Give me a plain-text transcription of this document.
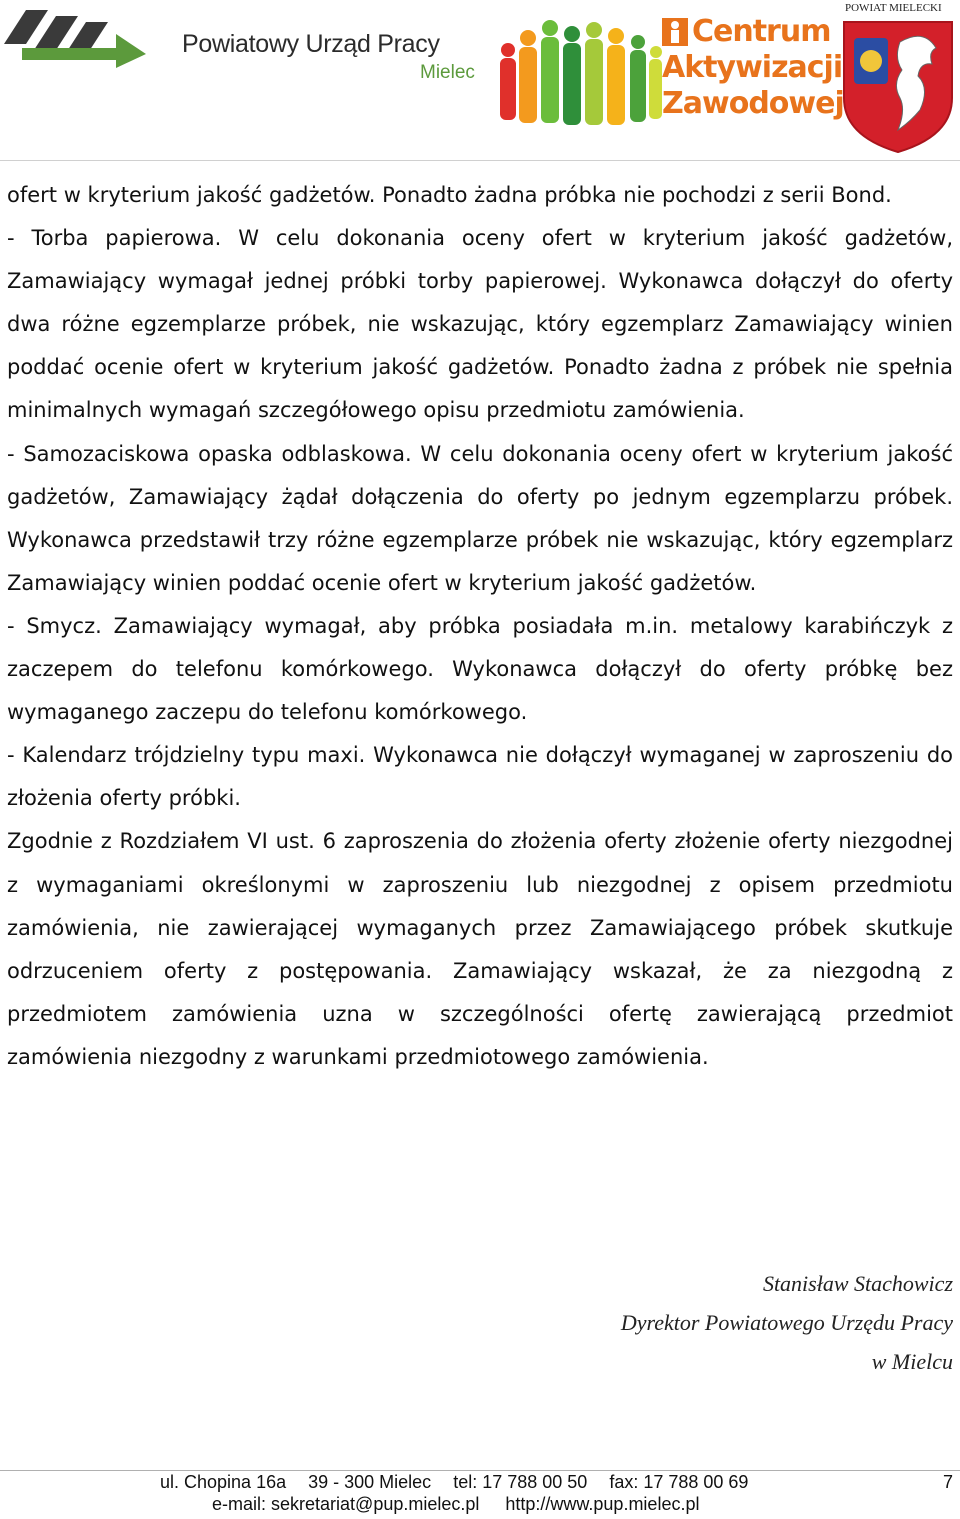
Powiatowy Urząd Pracy
Mielec
Centrum
Aktywizacji
Zawodowej
POWIAT MIELECKI

ofert w kryterium jakość gadżetów. Ponadto żadna próbka nie pochodzi z serii Bond.

- Torba papierowa. W celu dokonania oceny ofert w kryterium jakość gadżetów, Zamawiający wymagał jednej próbki torby papierowej. Wykonawca dołączył do oferty dwa różne egzemplarze próbek, nie wskazując, który egzemplarz Zamawiający winien poddać ocenie ofert w kryterium jakość gadżetów. Ponadto żadna z próbek nie spełnia minimalnych wymagań szczegółowego opisu przedmiotu zamówienia.

- Samozaciskowa opaska odblaskowa. W celu dokonania oceny ofert w kryterium jakość gadżetów, Zamawiający żądał dołączenia do oferty po jednym egzemplarzu próbek. Wykonawca przedstawił trzy różne egzemplarze próbek nie wskazując, który egzemplarz Zamawiający winien poddać ocenie ofert w kryterium jakość gadżetów.

- Smycz. Zamawiający wymagał, aby próbka posiadała m.in. metalowy karabińczyk z zaczepem do telefonu komórkowego. Wykonawca dołączył do oferty próbkę bez wymaganego zaczepu do telefonu komórkowego.

- Kalendarz trójdzielny typu maxi. Wykonawca nie dołączył wymaganej w zaproszeniu do złożenia oferty próbki.

Zgodnie z Rozdziałem VI ust. 6 zaproszenia do złożenia oferty złożenie oferty niezgodnej z wymaganiami określonymi w zaproszeniu lub niezgodnej z opisem przedmiotu zamówienia, nie zawierającej wymaganych przez Zamawiającego próbek skutkuje odrzuceniem oferty z postępowania. Zamawiający wskazał, że za niezgodną z przedmiotem zamówienia uzna w szczególności ofertę zawierającą przedmiot zamówienia niezgodny z warunkami przedmiotowego zamówienia.

Stanisław Stachowicz
Dyrektor Powiatowego Urzędu Pracy
w Mielcu
ul. Chopina 16a 39 - 300 Mielec tel: 17 788 00 50 fax: 17 788 00 69
e-mail: sekretariat@pup.mielec.pl http://www.pup.mielec.pl
7
